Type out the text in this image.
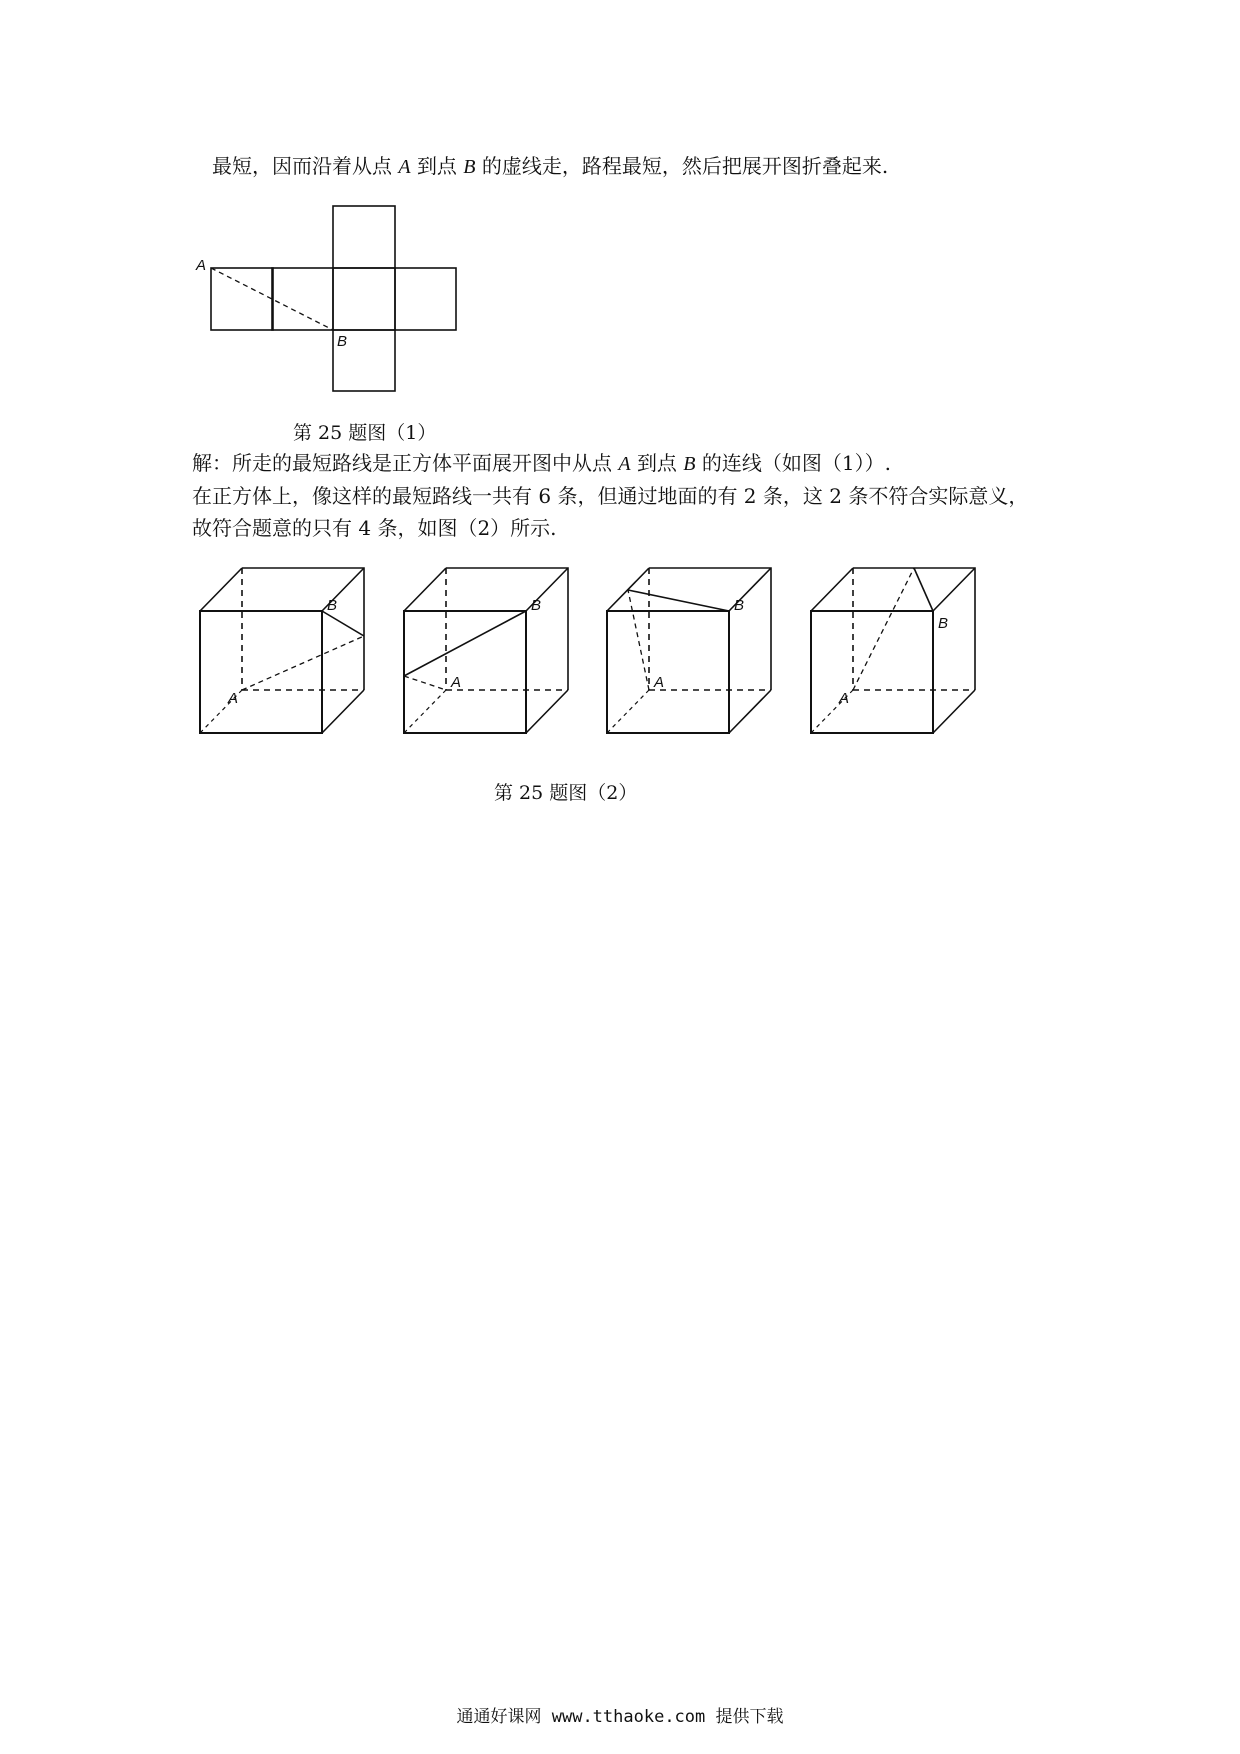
最短，因而沿着从点 A 到点 B 的虚线走，路程最短，然后把展开图折叠起来.
A
B
第 25 题图（1）
解：所走的最短路线是正方体平面展开图中从点 A 到点 B 的连线（如图（1））.
在正方体上，像这样的最短路线一共有 6 条，但通过地面的有 2 条，这 2 条不符合实际意义，
故符合题意的只有 4 条，如图（2）所示.
A
B
A
B
A
B
A
B
第 25 题图（2）
通通好课网 www.tthaoke.com 提供下载
